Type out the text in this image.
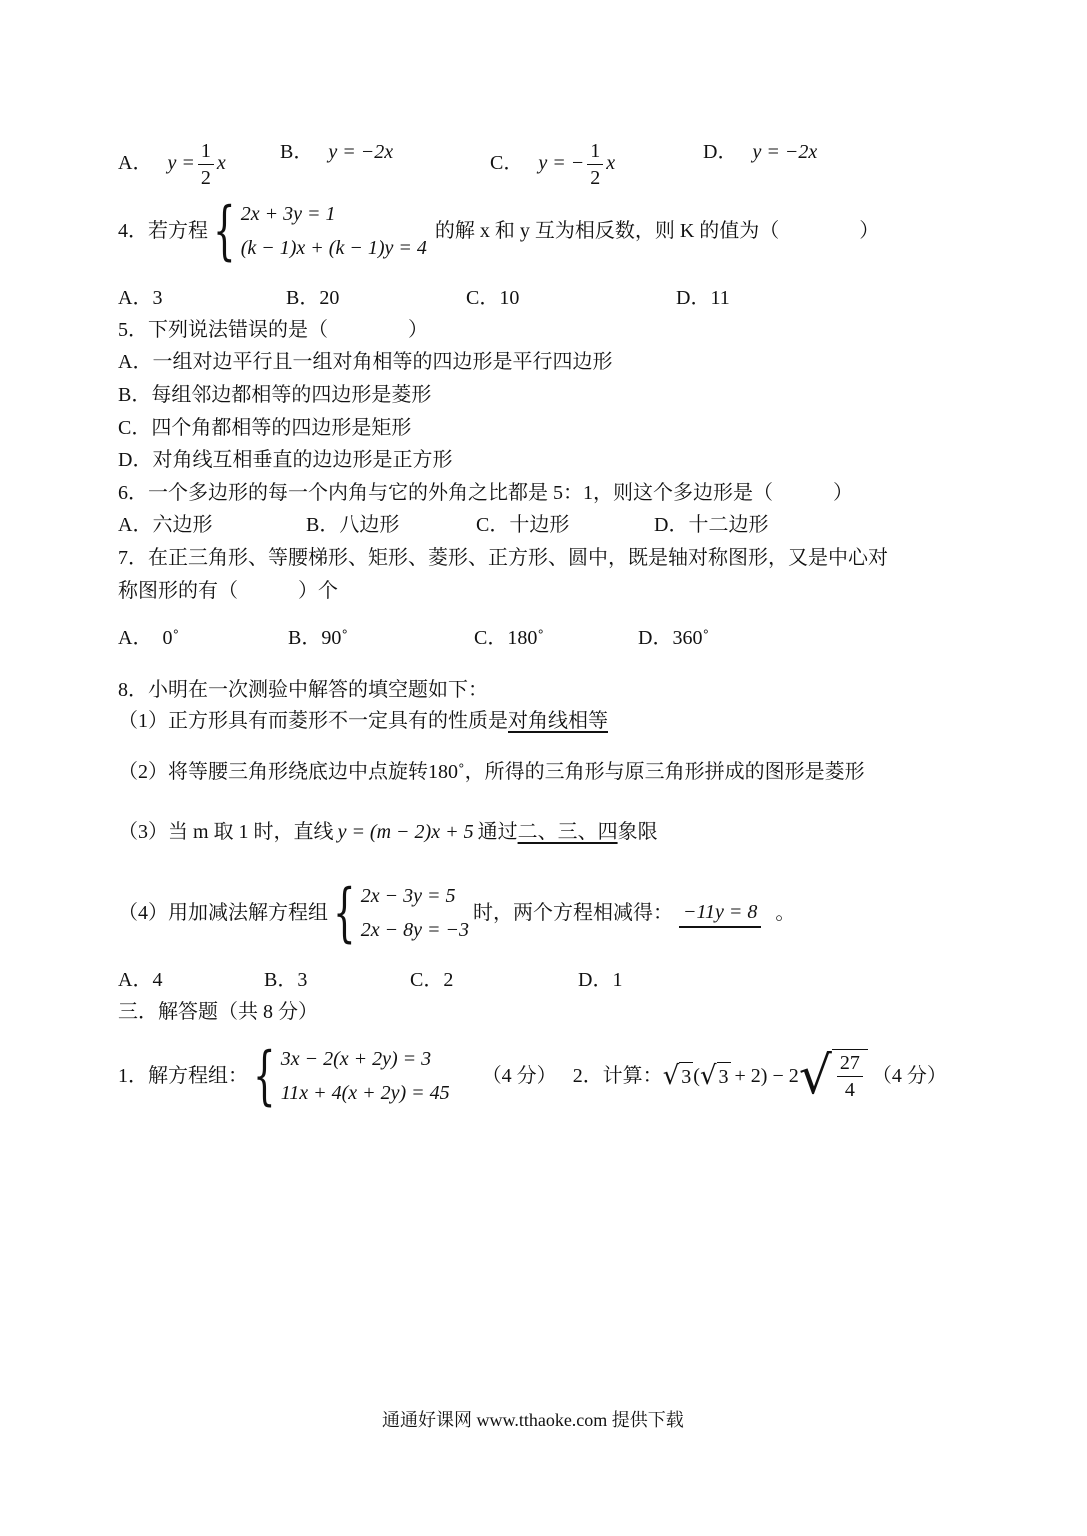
A． $y = \frac{1}{2}$ x
B． y = −2x
C． y = − $\frac{1}{2}$ x
D． y = −2x
4．若方程 { 2x + 3y = 1
(k − 1)x + (k − 1)y = 4
的解 x 和 y 互为相反数，则 K 的值为（　　　　）
A．3	B．20	C．10	D．11
5．下列说法错误的是（　　　　）
A．一组对边平行且一组对角相等的四边形是平行四边形
B．每组邻边都相等的四边形是菱形
C．四个角都相等的四边形是矩形
D．对角线互相垂直的边边形是正方形
6．一个多边形的每一个内角与它的外角之比都是 5：1，则这个多边形是（　　　）
A．六边形	B．八边形	C．十边形	D．十二边形
7．在正三角形、等腰梯形、矩形、菱形、正方形、圆中，既是轴对称图形，又是中心对
称图形的有（　　　）个
A．　0˚	B．90˚	C．180˚	D．360˚
8．小明在一次测验中解答的填空题如下：
（1）正方形具有而菱形不一定具有的性质是对角线相等
（2）将等腰三角形绕底边中点旋转180˚，所得的三角形与原三角形拼成的图形是菱形
（3）当 m 取 1 时，直线 y = (m − 2)x + 5 通过二、三、四象限
（4）用加减法解方程组 { 2x − 3y = 5
2x − 8y = −3
时，两个方程相减得： −11y = 8 。
A．4	B．3	C．2	D．1
三．解答题（共 8 分）
1．解方程组： { 3x − 2(x + 2y) = 3
11x + 4(x + 2y) = 45
（4 分） 2．计算： √ 3 ( √ 3 + 2) − 2 √ $\frac{27}{4} (4$ 分）
通通好课网 www.tthaoke.com 提供下载
